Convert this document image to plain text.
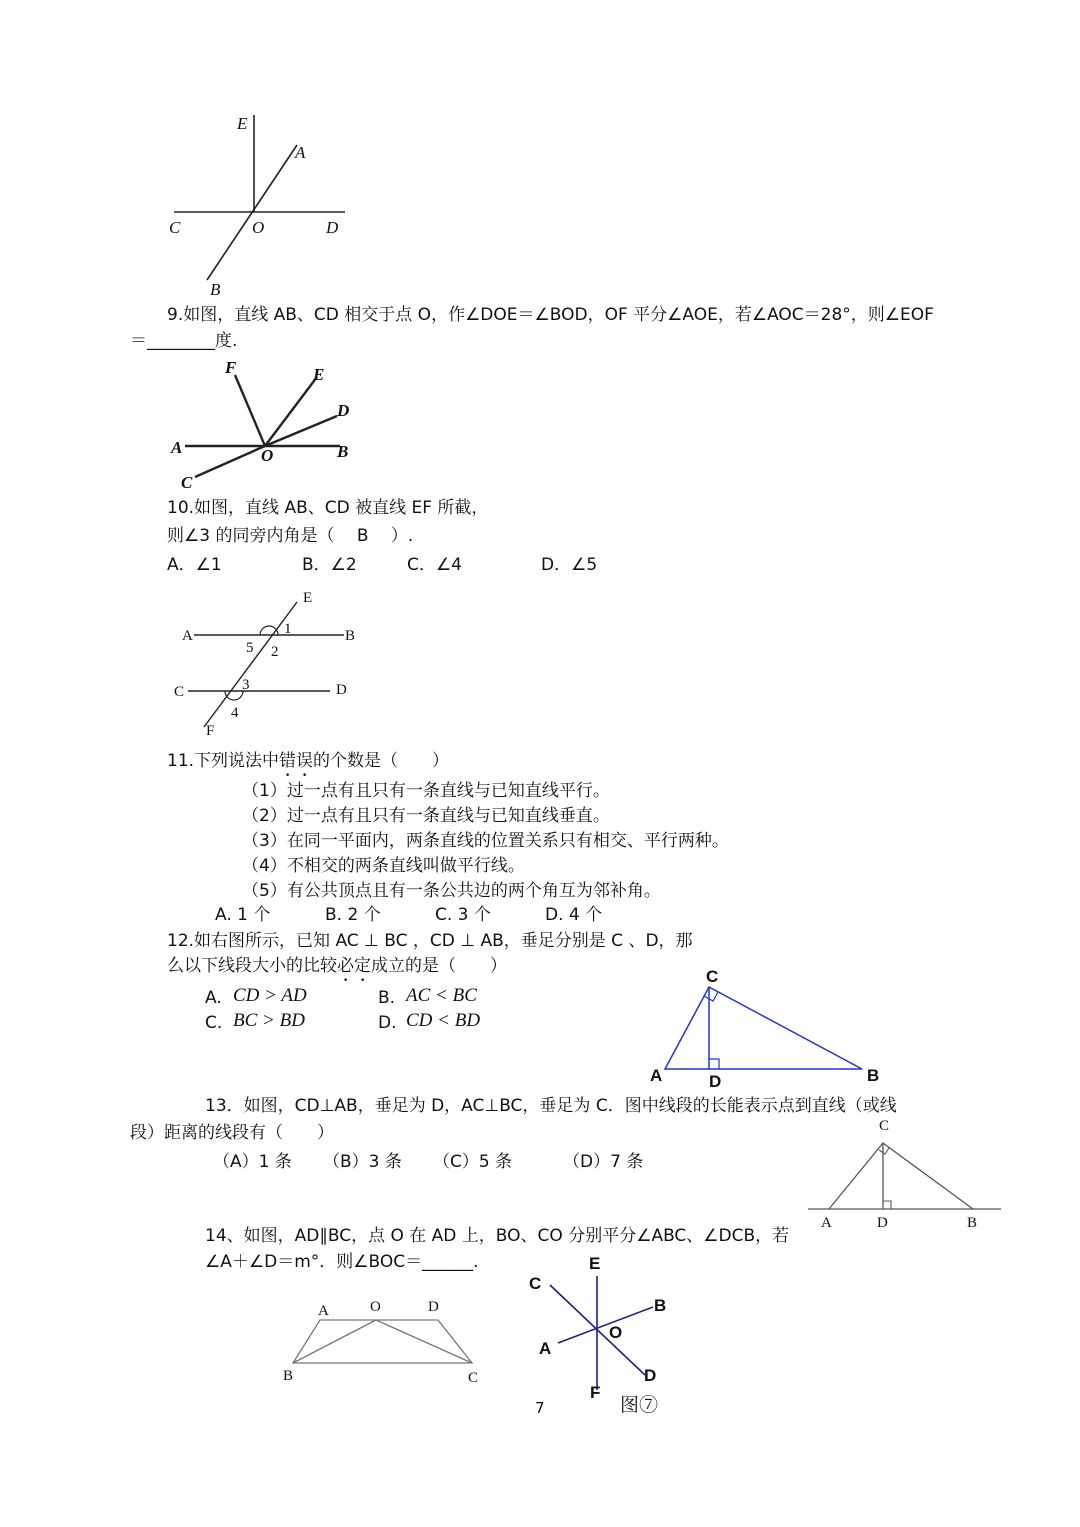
E
A
C	O	D
B
9.如图，直线 AB、CD 相交于点 O，作∠DOE＝∠BOD，OF 平分∠AOE，若∠AOC＝28°，则∠EOF
＝________度.
F	E
D
A	O	B
C
10.如图，直线 AB、CD 被直线 EF 所截，
则∠3 的同旁内角是（　 B　 ）.
A．∠1	B．∠2	C．∠4	D．∠5
E
A	B
C	D
F
1
2
3
4
5
11.下列说法中错误的个数是（　　）
（1）过一点有且只有一条直线与已知直线平行。
（2）过一点有且只有一条直线与已知直线垂直。
（3）在同一平面内，两条直线的位置关系只有相交、平行两种。
（4）不相交的两条直线叫做平行线。
（5）有公共顶点且有一条公共边的两个角互为邻补角。
A. 1 个	B. 2 个	C. 3 个	D. 4 个
12.如右图所示，已知 AC ⊥ BC ，CD ⊥ AB，垂足分别是 C 、D，那
么以下线段大小的比较必定成立的是（　　）
A. CD > AD	B. AC < BC
C. BC > BD	D. CD < BD
C
A	D	B
13．如图，CD⊥AB，垂足为 D，AC⊥BC，垂足为 C．图中线段的长能表示点到直线（或线
段）距离的线段有（　　）
（A）1 条 （B）3 条 （C）5 条	（D）7 条
C
A	D	B
14、如图，AD∥BC，点 O 在 AD 上，BO、CO 分别平分∠ABC、∠DCB，若
∠A＋∠D＝m°．则∠BOC＝______.
A	O	D
B	C
E
C
B
O
A
D
F
7	图⑦
